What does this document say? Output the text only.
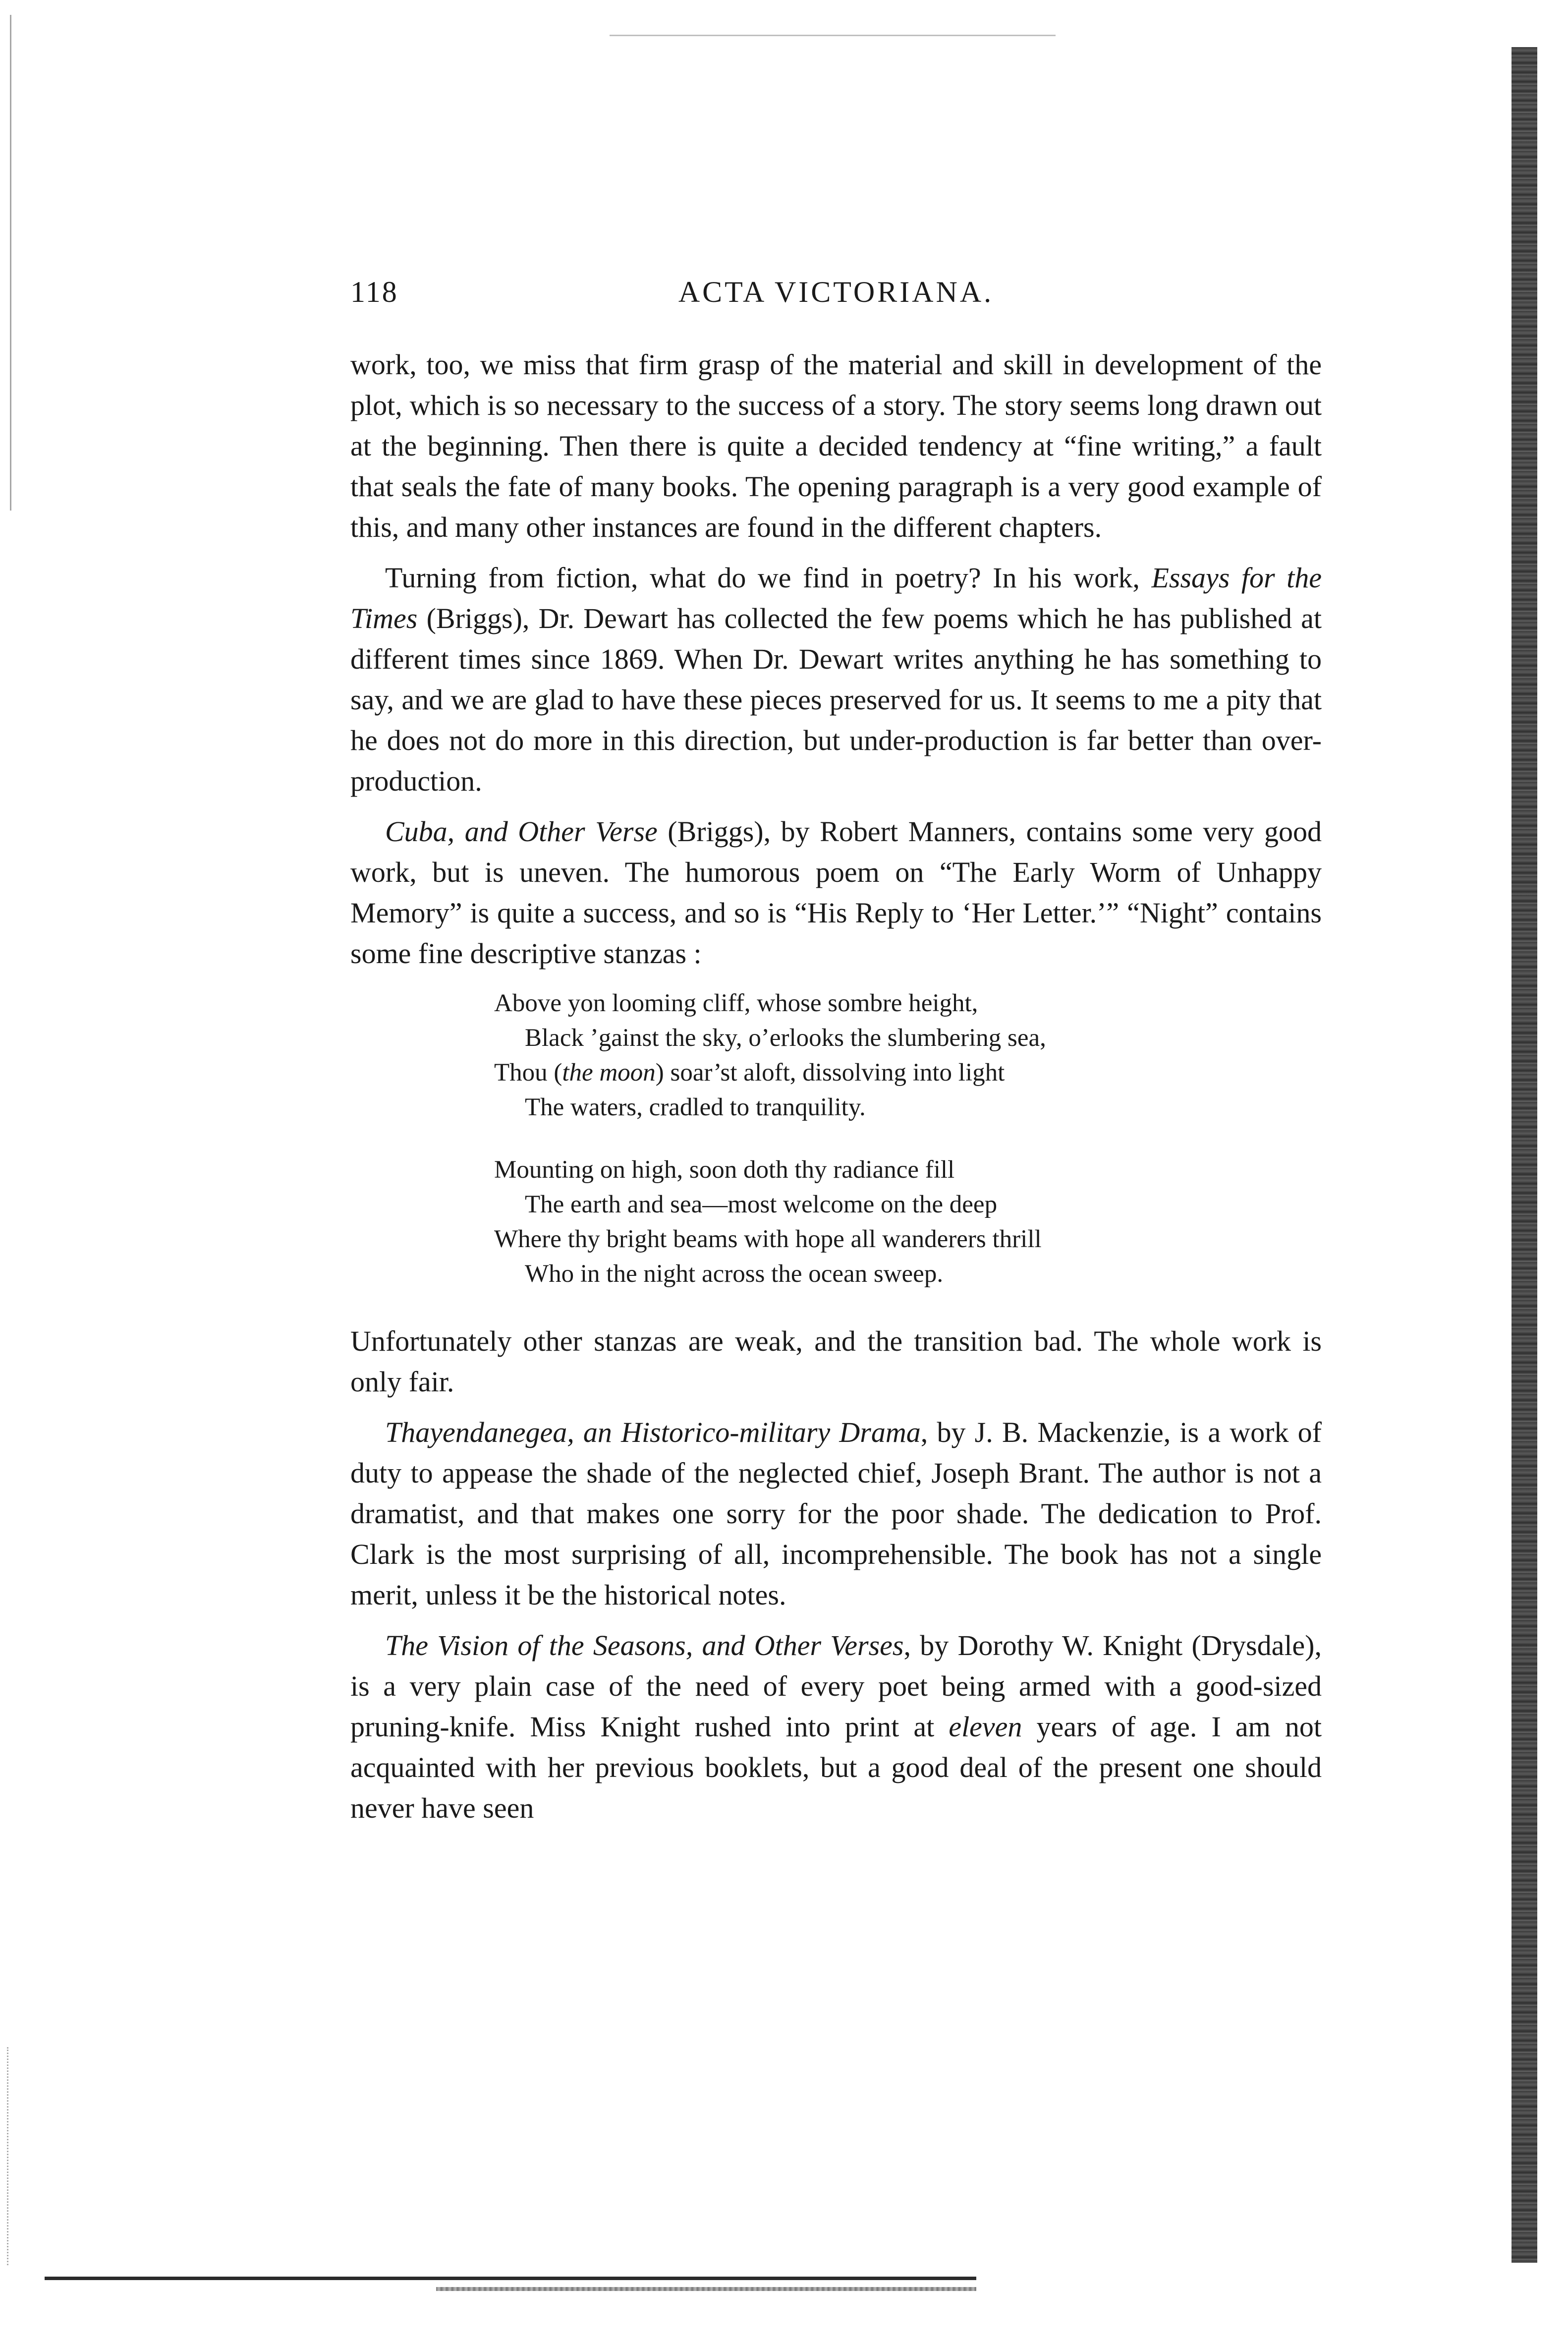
118	ACTA VICTORIANA.

work, too, we miss that firm grasp of the material and skill in development of the plot, which is so necessary to the success of a story. The story seems long drawn out at the beginning. Then there is quite a decided tendency at “fine writing,” a fault that seals the fate of many books. The opening paragraph is a very good example of this, and many other instances are found in the different chapters.

Turning from fiction, what do we find in poetry? In his work, Essays for the Times (Briggs), Dr. Dewart has collected the few poems which he has published at different times since 1869. When Dr. Dewart writes anything he has something to say, and we are glad to have these pieces preserved for us. It seems to me a pity that he does not do more in this direction, but under-production is far better than over-production.

Cuba, and Other Verse (Briggs), by Robert Manners, contains some very good work, but is uneven. The humorous poem on “The Early Worm of Unhappy Memory” is quite a success, and so is “His Reply to ‘Her Letter.’” “Night” contains some fine descriptive stanzas :

Above yon looming cliff, whose sombre height,
Black ’gainst the sky, o’erlooks the slumbering sea,
Thou (the moon) soar’st aloft, dissolving into light
The waters, cradled to tranquility.
Mounting on high, soon doth thy radiance fill
The earth and sea—most welcome on the deep
Where thy bright beams with hope all wanderers thrill
Who in the night across the ocean sweep.

Unfortunately other stanzas are weak, and the transition bad. The whole work is only fair.

Thayendanegea, an Historico-military Drama, by J. B. Mackenzie, is a work of duty to appease the shade of the neglected chief, Joseph Brant. The author is not a dramatist, and that makes one sorry for the poor shade. The dedication to Prof. Clark is the most surprising of all, incomprehensible. The book has not a single merit, unless it be the historical notes.

The Vision of the Seasons, and Other Verses, by Dorothy W. Knight (Drysdale), is a very plain case of the need of every poet being armed with a good-sized pruning-knife. Miss Knight rushed into print at eleven years of age. I am not acquainted with her previous booklets, but a good deal of the present one should never have seen
